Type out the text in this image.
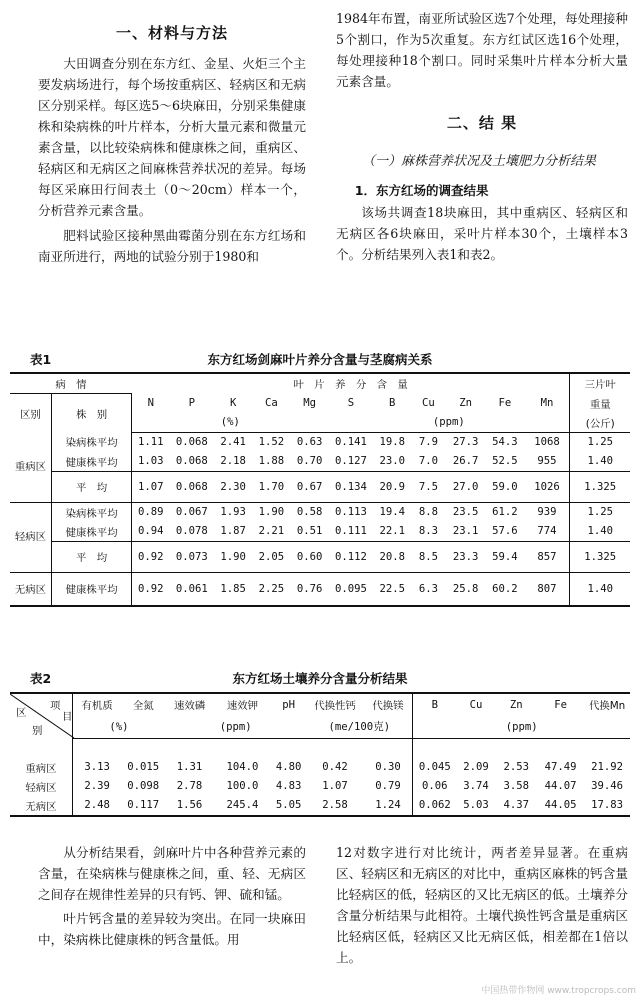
一、材料与方法

大田调查分别在东方红、金星、火炬三个主要发病场进行，每个场按重病区、轻病区和无病区分别采样。每区选5～6块麻田，分别采集健康株和染病株的叶片样本，分析大量元素和微量元素含量，以比较染病株和健康株之间，重病区、轻病区和无病区之间麻株营养状况的差异。每场每区采麻田行间表土（0～20cm）样本一个，分析营养元素含量。

肥料试验区接种黑曲霉菌分别在东方红场和南亚所进行，两地的试验分别于1980和

1984年布置，南亚所试验区选7个处理，每处理接种5个割口，作为5次重复。东方红试区选16个处理，每处理接种18个割口。同时采集叶片样本分析大量元素含量。

二、结 果

（一）麻株营养状况及土壤肥力分析结果

1．东方红场的调查结果

该场共调查18块麻田，其中重病区、轻病区和无病区各6块麻田，采叶片样本30个，土壤样本3个。分析结果列入表1和表2。

表1	东方红场剑麻叶片养分含量与茎腐病关系
病　情		叶　片　养　分　含　量											三片叶
区别	株　别	N	P	K	Ca	Mg	S	B	Cu	Zn	Fe	Mn	重量
		(%)					(ppm)						(公斤)
重病区	染病株平均	1.11	0.068	2.41	1.52	0.63	0.141	19.8	7.9	27.3	54.3	1068	1.25
	健康株平均	1.03	0.068	2.18	1.88	0.70	0.127	23.0	7.0	26.7	52.5	955	1.40
	平　均	1.07	0.068	2.30	1.70	0.67	0.134	20.9	7.5	27.0	59.0	1026	1.325
轻病区	染病株平均	0.89	0.067	1.93	1.90	0.58	0.113	19.4	8.8	23.5	61.2	939	1.25
	健康株平均	0.94	0.078	1.87	2.21	0.51	0.111	22.1	8.3	23.1	57.6	774	1.40
	平　均	0.92	0.073	1.90	2.05	0.60	0.112	20.8	8.5	23.3	59.4	857	1.325
无病区	健康株平均	0.92	0.061	1.85	2.25	0.76	0.095	22.5	6.3	25.8	60.2	807	1.40
表2	东方红场土壤养分含量分析结果
区
项
目
别	有机质	全氮	速效磷	速效钾	pH	代换性钙	代换镁	B	Cu	Zn	Fe	代换Mn
	(%)		(ppm)			(me/100克)		(ppm)				

重病区	3.13	0.015	1.31	104.0	4.80	0.42	0.30	0.045	2.09	2.53	47.49	21.92
轻病区	2.39	0.098	2.78	100.0	4.83	1.07	0.79	0.06	3.74	3.58	44.07	39.46
无病区	2.48	0.117	1.56	245.4	5.05	2.58	1.24	0.062	5.03	4.37	44.05	17.83

从分析结果看，剑麻叶片中各种营养元素的含量，在染病株与健康株之间，重、轻、无病区之间存在规律性差异的只有钙、钾、硫和锰。

叶片钙含量的差异较为突出。在同一块麻田中，染病株比健康株的钙含量低。用

12对数字进行对比统计，两者差异显著。在重病区、轻病区和无病区的对比中，重病区麻株的钙含量比轻病区的低，轻病区的又比无病区的低。土壤养分含量分析结果与此相符。土壤代换性钙含量是重病区比轻病区低，轻病区又比无病区低，相差都在1倍以上。

中国热带作物网 www.tropcrops.com
